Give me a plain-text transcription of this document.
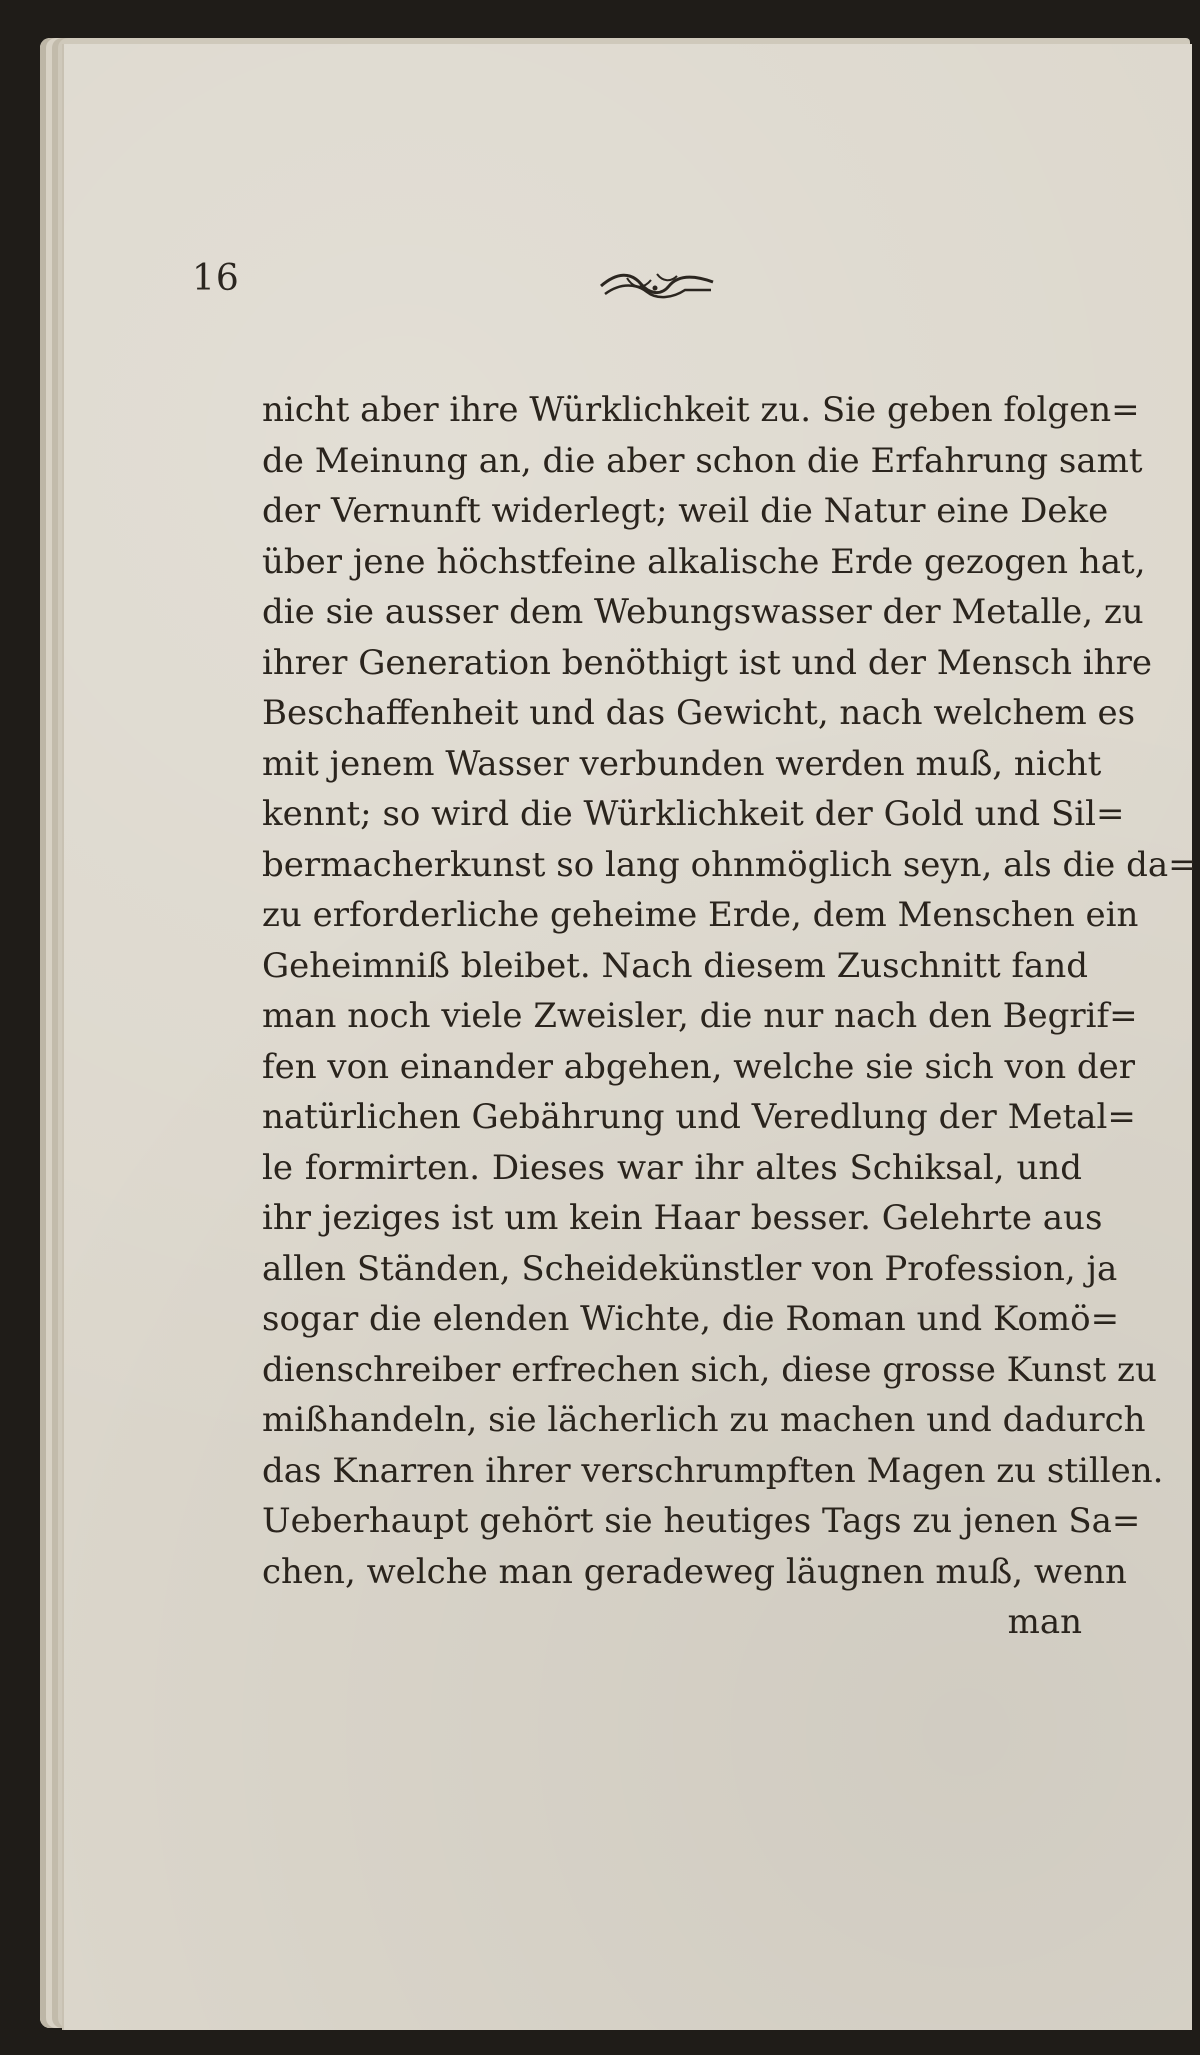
16
nicht aber ihre Würklichkeit zu. Sie geben folgen=
de Meinung an, die aber schon die Erfahrung samt
der Vernunft widerlegt; weil die Natur eine Deke
über jene höchstfeine alkalische Erde gezogen hat,
die sie ausser dem Webungswasser der Metalle, zu
ihrer Generation benöthigt ist und der Mensch ihre
Beschaffenheit und das Gewicht, nach welchem es
mit jenem Wasser verbunden werden muß, nicht
kennt; so wird die Würklichkeit der Gold und Sil=
bermacherkunst so lang ohnmöglich seyn, als die da=
zu erforderliche geheime Erde, dem Menschen ein
Geheimniß bleibet. Nach diesem Zuschnitt fand
man noch viele Zweisler, die nur nach den Begrif=
fen von einander abgehen, welche sie sich von der
natürlichen Gebährung und Veredlung der Metal=
le formirten. Dieses war ihr altes Schiksal, und
ihr jeziges ist um kein Haar besser. Gelehrte aus
allen Ständen, Scheidekünstler von Profession, ja
sogar die elenden Wichte, die Roman und Komö=
dienschreiber erfrechen sich, diese grosse Kunst zu
mißhandeln, sie lächerlich zu machen und dadurch
das Knarren ihrer verschrumpften Magen zu stillen.
Ueberhaupt gehört sie heutiges Tags zu jenen Sa=
chen, welche man geradeweg läugnen muß, wenn
man
